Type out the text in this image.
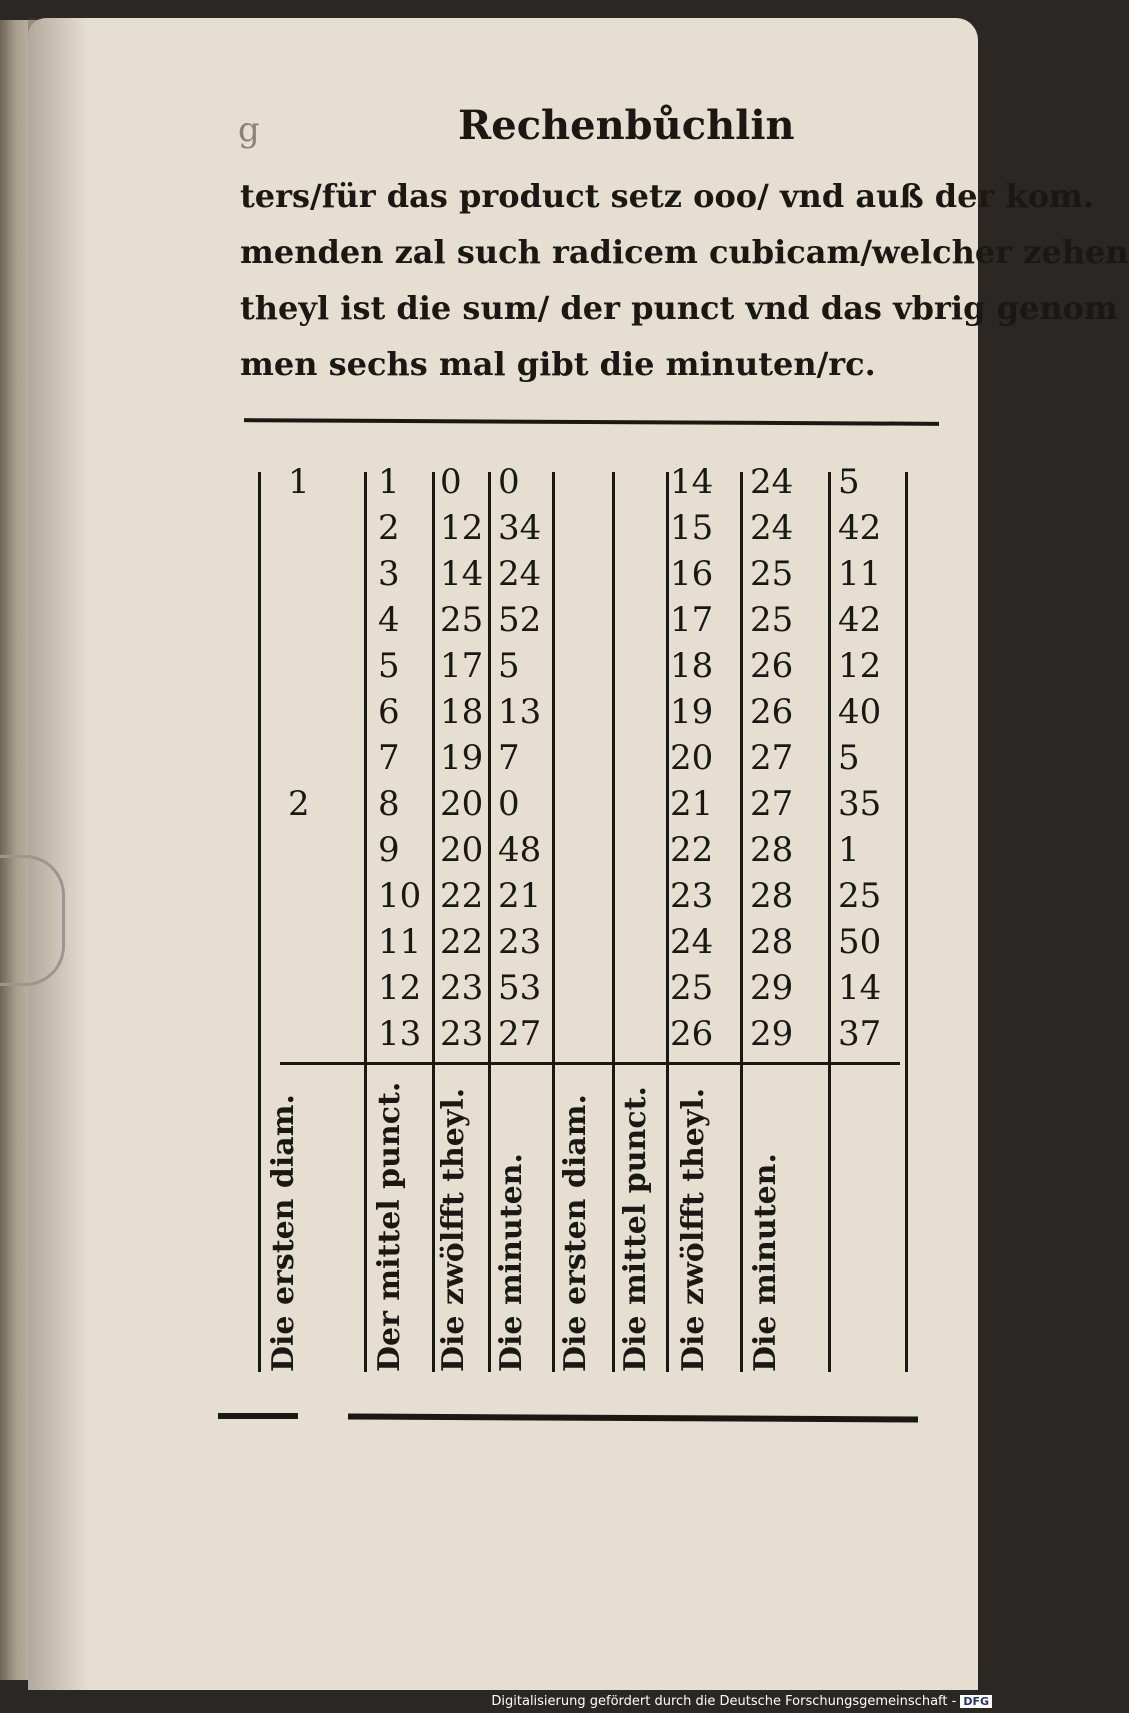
g	Rechenbůchlin
ters/für das product setz ooo/ vnd auß der kom.
menden zal such radicem cubicam/welcher zehen
theyl ist die sum/ der punct vnd das vbrig genom
men sechs mal gibt die minuten/rc.
1
2
1
2
3
4
5
6
7
8
9
10
11
12
13
0
12
14
25
17
18
19
20
20
22
22
23
23
0
34
24
52
5
13
7
0
48
21
23
53
27
14
15
16
17
18
19
20
21
22
23
24
25
26
24
24
25
25
26
26
27
27
28
28
28
29
29
5
42
11
42
12
40
5
35
1
25
50
14
37
Die ersten diam. Der mittel punct. Die zwölfft theyl. Die minuten. Die ersten diam. Die mittel punct. Die zwölfft theyl. Die minuten.
Digitalisierung gefördert durch die Deutsche Forschungsgemeinschaft - DFG
